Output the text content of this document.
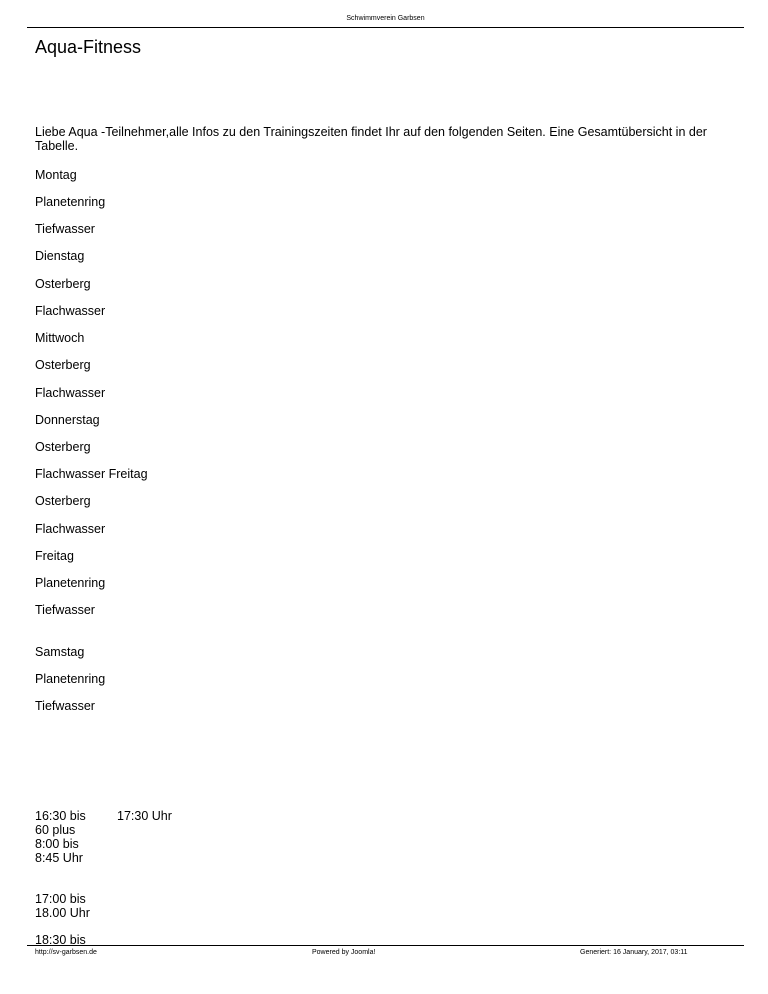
Schwimmverein Garbsen
Aqua-Fitness

Liebe Aqua -Teilnehmer,alle Infos zu den Trainingszeiten findet Ihr auf den folgenden Seiten. Eine Gesamtübersicht in der Tabelle.

Montag
Planetenring
Tiefwasser
Dienstag
Osterberg
Flachwasser
Mittwoch
Osterberg
Flachwasser
Donnerstag
Osterberg
Flachwasser Freitag
Osterberg
Flachwasser
Freitag
Planetenring
Tiefwasser
Samstag
Planetenring
Tiefwasser
16:30 bis
60 plus
8:00 bis
8:45 Uhr
17:00 bis
18.00 Uhr
18:30 bis
17:30 Uhr
http://sv-garbsen.de	Powered by Joomla!	Generiert: 16 January, 2017, 03:11
